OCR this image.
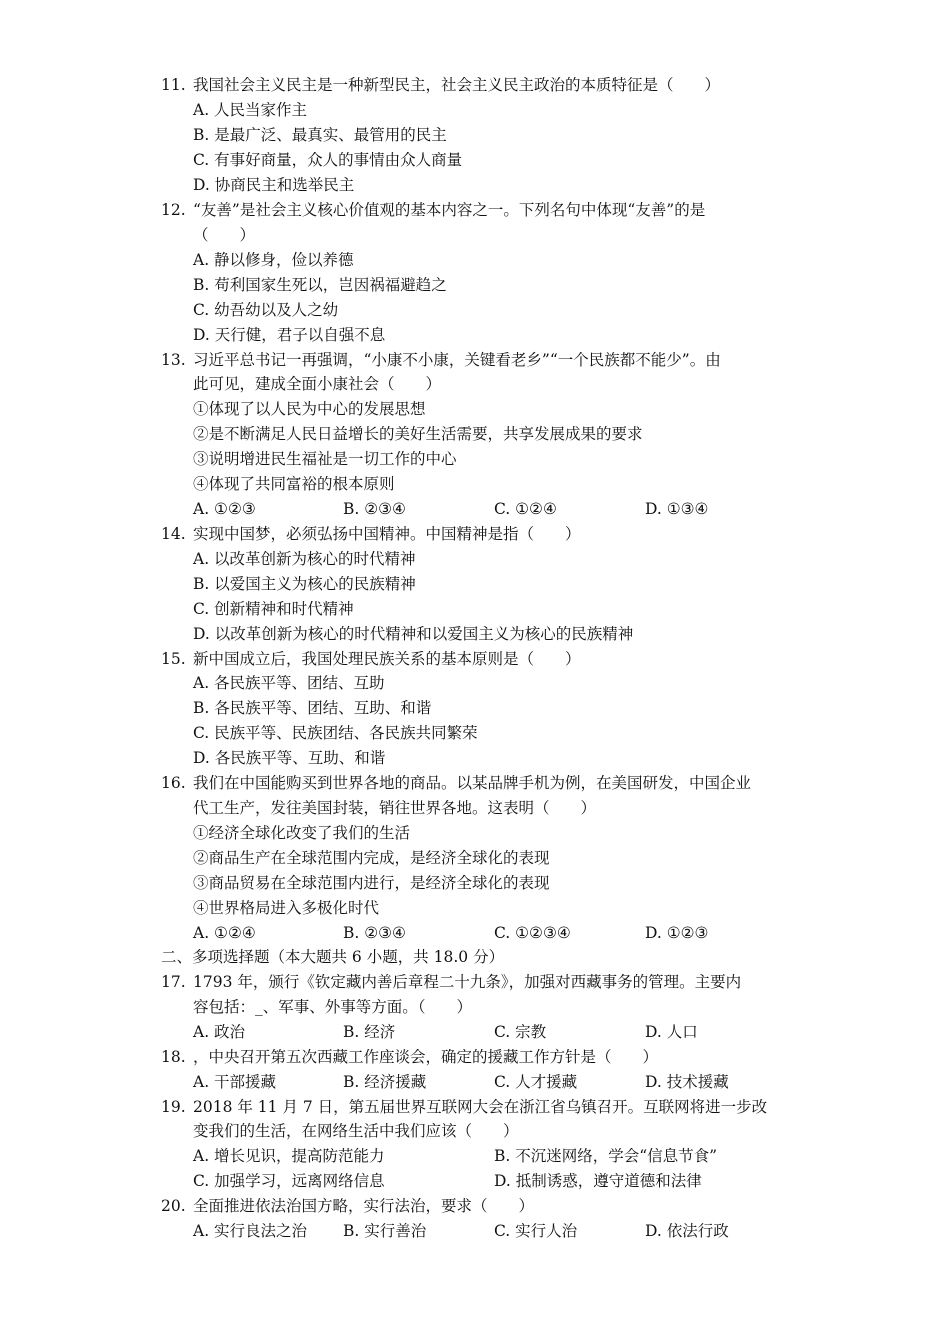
11. 我国社会主义民主是一种新型民主，社会主义民主政治的本质特征是（　　）
A. 人民当家作主
B. 是最广泛、最真实、最管用的民主
C. 有事好商量，众人的事情由众人商量
D. 协商民主和选举民主
12. “友善”是社会主义核心价值观的基本内容之一。下列名句中体现“友善”的是
（　　）
A. 静以修身，俭以养德
B. 苟利国家生死以，岂因祸福避趋之
C. 幼吾幼以及人之幼
D. 天行健，君子以自强不息
13. 习近平总书记一再强调，“小康不小康，关键看老乡”“一个民族都不能少”。由
此可见，建成全面小康社会（　　）
①体现了以人民为中心的发展思想
②是不断满足人民日益增长的美好生活需要，共享发展成果的要求
③说明增进民生福祉是一切工作的中心
④体现了共同富裕的根本原则
A. ①②③	B. ②③④	C. ①②④	D. ①③④
14. 实现中国梦，必须弘扬中国精神。中国精神是指（　　）
A. 以改革创新为核心的时代精神
B. 以爱国主义为核心的民族精神
C. 创新精神和时代精神
D. 以改革创新为核心的时代精神和以爱国主义为核心的民族精神
15. 新中国成立后，我国处理民族关系的基本原则是（　　）
A. 各民族平等、团结、互助
B. 各民族平等、团结、互助、和谐
C. 民族平等、民族团结、各民族共同繁荣
D. 各民族平等、互助、和谐
16. 我们在中国能购买到世界各地的商品。以某品牌手机为例，在美国研发，中国企业
代工生产，发往美国封装，销往世界各地。这表明（　　）
①经济全球化改变了我们的生活
②商品生产在全球范围内完成，是经济全球化的表现
③商品贸易在全球范围内进行，是经济全球化的表现
④世界格局进入多极化时代
A. ①②④	B. ②③④	C. ①②③④	D. ①②③
二、多项选择题（本大题共 6 小题，共 18.0 分）
17. 1793 年，颁行《钦定藏内善后章程二十九条》，加强对西藏事务的管理。主要内
容包括：_、军事、外事等方面。（　　）
A. 政治	B. 经济	C. 宗教	D. 人口
18. ，中央召开第五次西藏工作座谈会，确定的援藏工作方针是（　　）
A. 干部援藏	B. 经济援藏	C. 人才援藏	D. 技术援藏
19. 2018 年 11 月 7 日，第五届世界互联网大会在浙江省乌镇召开。互联网将进一步改
变我们的生活，在网络生活中我们应该（　　）
A. 增长见识，提高防范能力	B. 不沉迷网络，学会“信息节食”
C. 加强学习，远离网络信息	D. 抵制诱惑，遵守道德和法律
20. 全面推进依法治国方略，实行法治，要求（　　）
A. 实行良法之治 B. 实行善治	C. 实行人治	D. 依法行政
